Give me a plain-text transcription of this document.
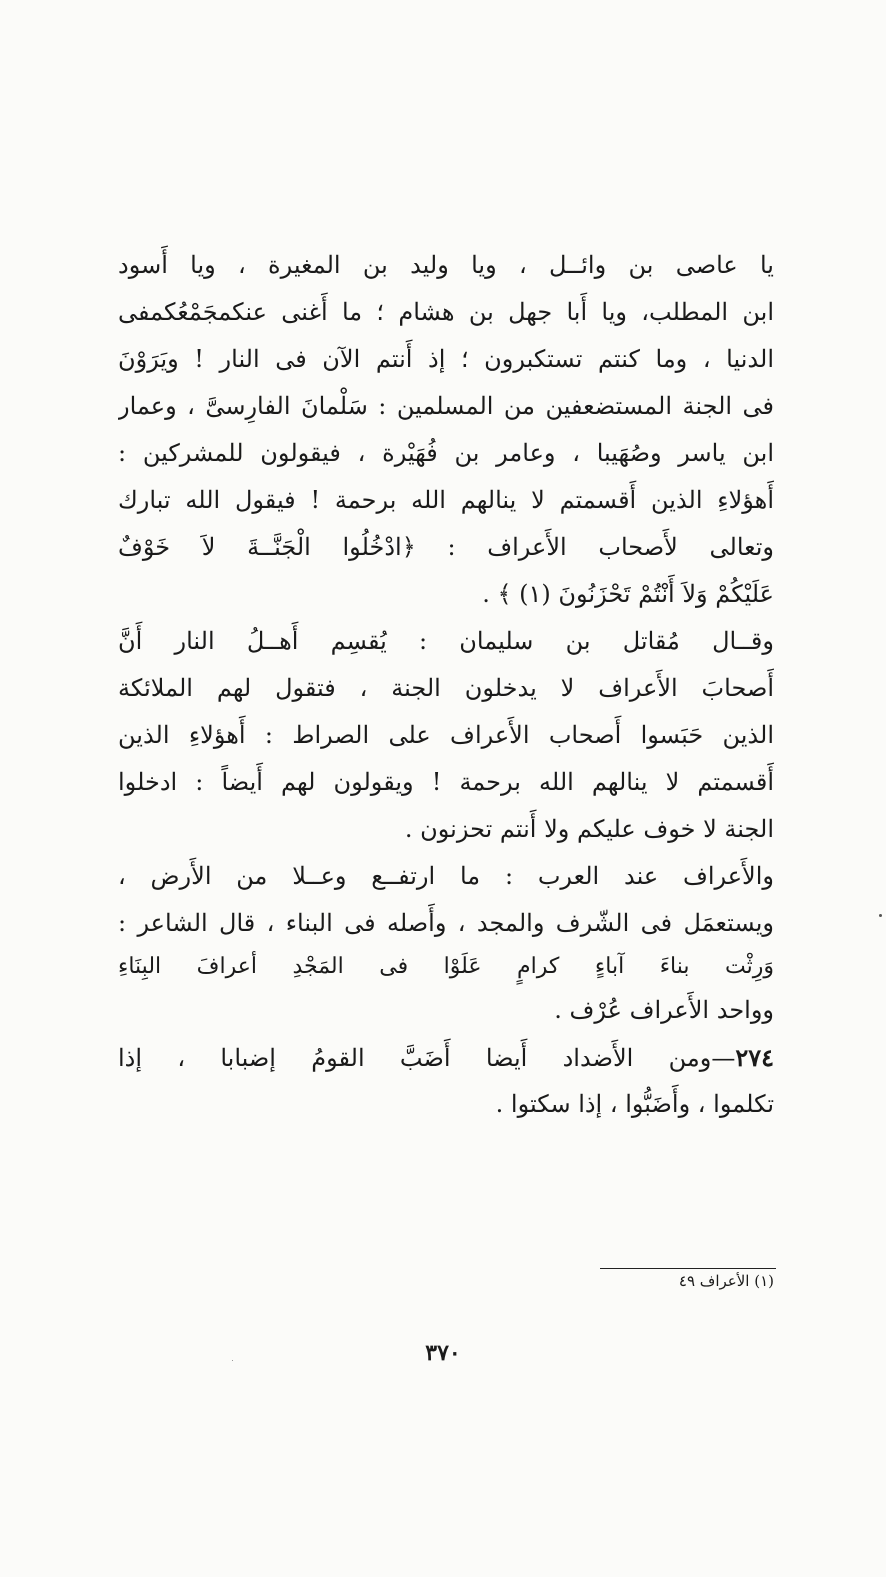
يا عاصى بن وائــل ، ويا وليد بن المغيرة ، ويا أَسود
ابن المطلب، ويا أَبا جهل بن هشام ؛ ما أَغنى عنكمجَمْعُكمفى
الدنيا ، وما كنتم تستكبرون ؛ إذ أَنتم الآن فى النار ! ويَرَوْنَ
فى الجنة المستضعفين من المسلمين : سَلْمانَ الفارِسىَّ ، وعمار
ابن ياسر وصُهَيبا ، وعامر بن فُهَيْرة ، فيقولون للمشركين :
أَهؤلاءِ الذين أَقسمتم لا ينالهم الله برحمة ! فيقول الله تبارك
وتعالى لأَصحاب الأَعراف : ﴿ادْخُلُوا الْجَنَّــةَ لاَ خَوْفٌ
عَلَيْكُمْ وَلاَ أَنْتُمْ تَحْزَنُونَ (١) ﴾ .
وقــال مُقاتل بن سليمان : يُقسِم أَهــلُ النار أَنَّ
أَصحابَ الأَعراف لا يدخلون الجنة ، فتقول لهم الملائكة
الذين حَبَسوا أَصحاب الأَعراف على الصراط : أَهؤلاءِ الذين
أَقسمتم لا ينالهم الله برحمة ! ويقولون لهم أَيضاً : ادخلوا
الجنة لا خوف عليكم ولا أَنتم تحزنون .
والأَعراف عند العرب : ما ارتفــع وعــلا من الأَرض ،
ويستعمَل فى الشّرف والمجد ، وأَصله فى البناء ، قال الشاعر :
وَرِثْت بناءَ آباءٍ كرامٍ عَلَوْا فى المَجْدِ أعرافَ البِنَاءِ
وواحد الأَعراف عُرْف .
٢٧٤—ومن الأَضداد أَيضا أَضَبَّ القومُ إضبابا ، إذا
تكلموا ، وأَضَبُّوا ، إذا سكتوا .
(١) الأعراف ٤٩
٣٧٠
